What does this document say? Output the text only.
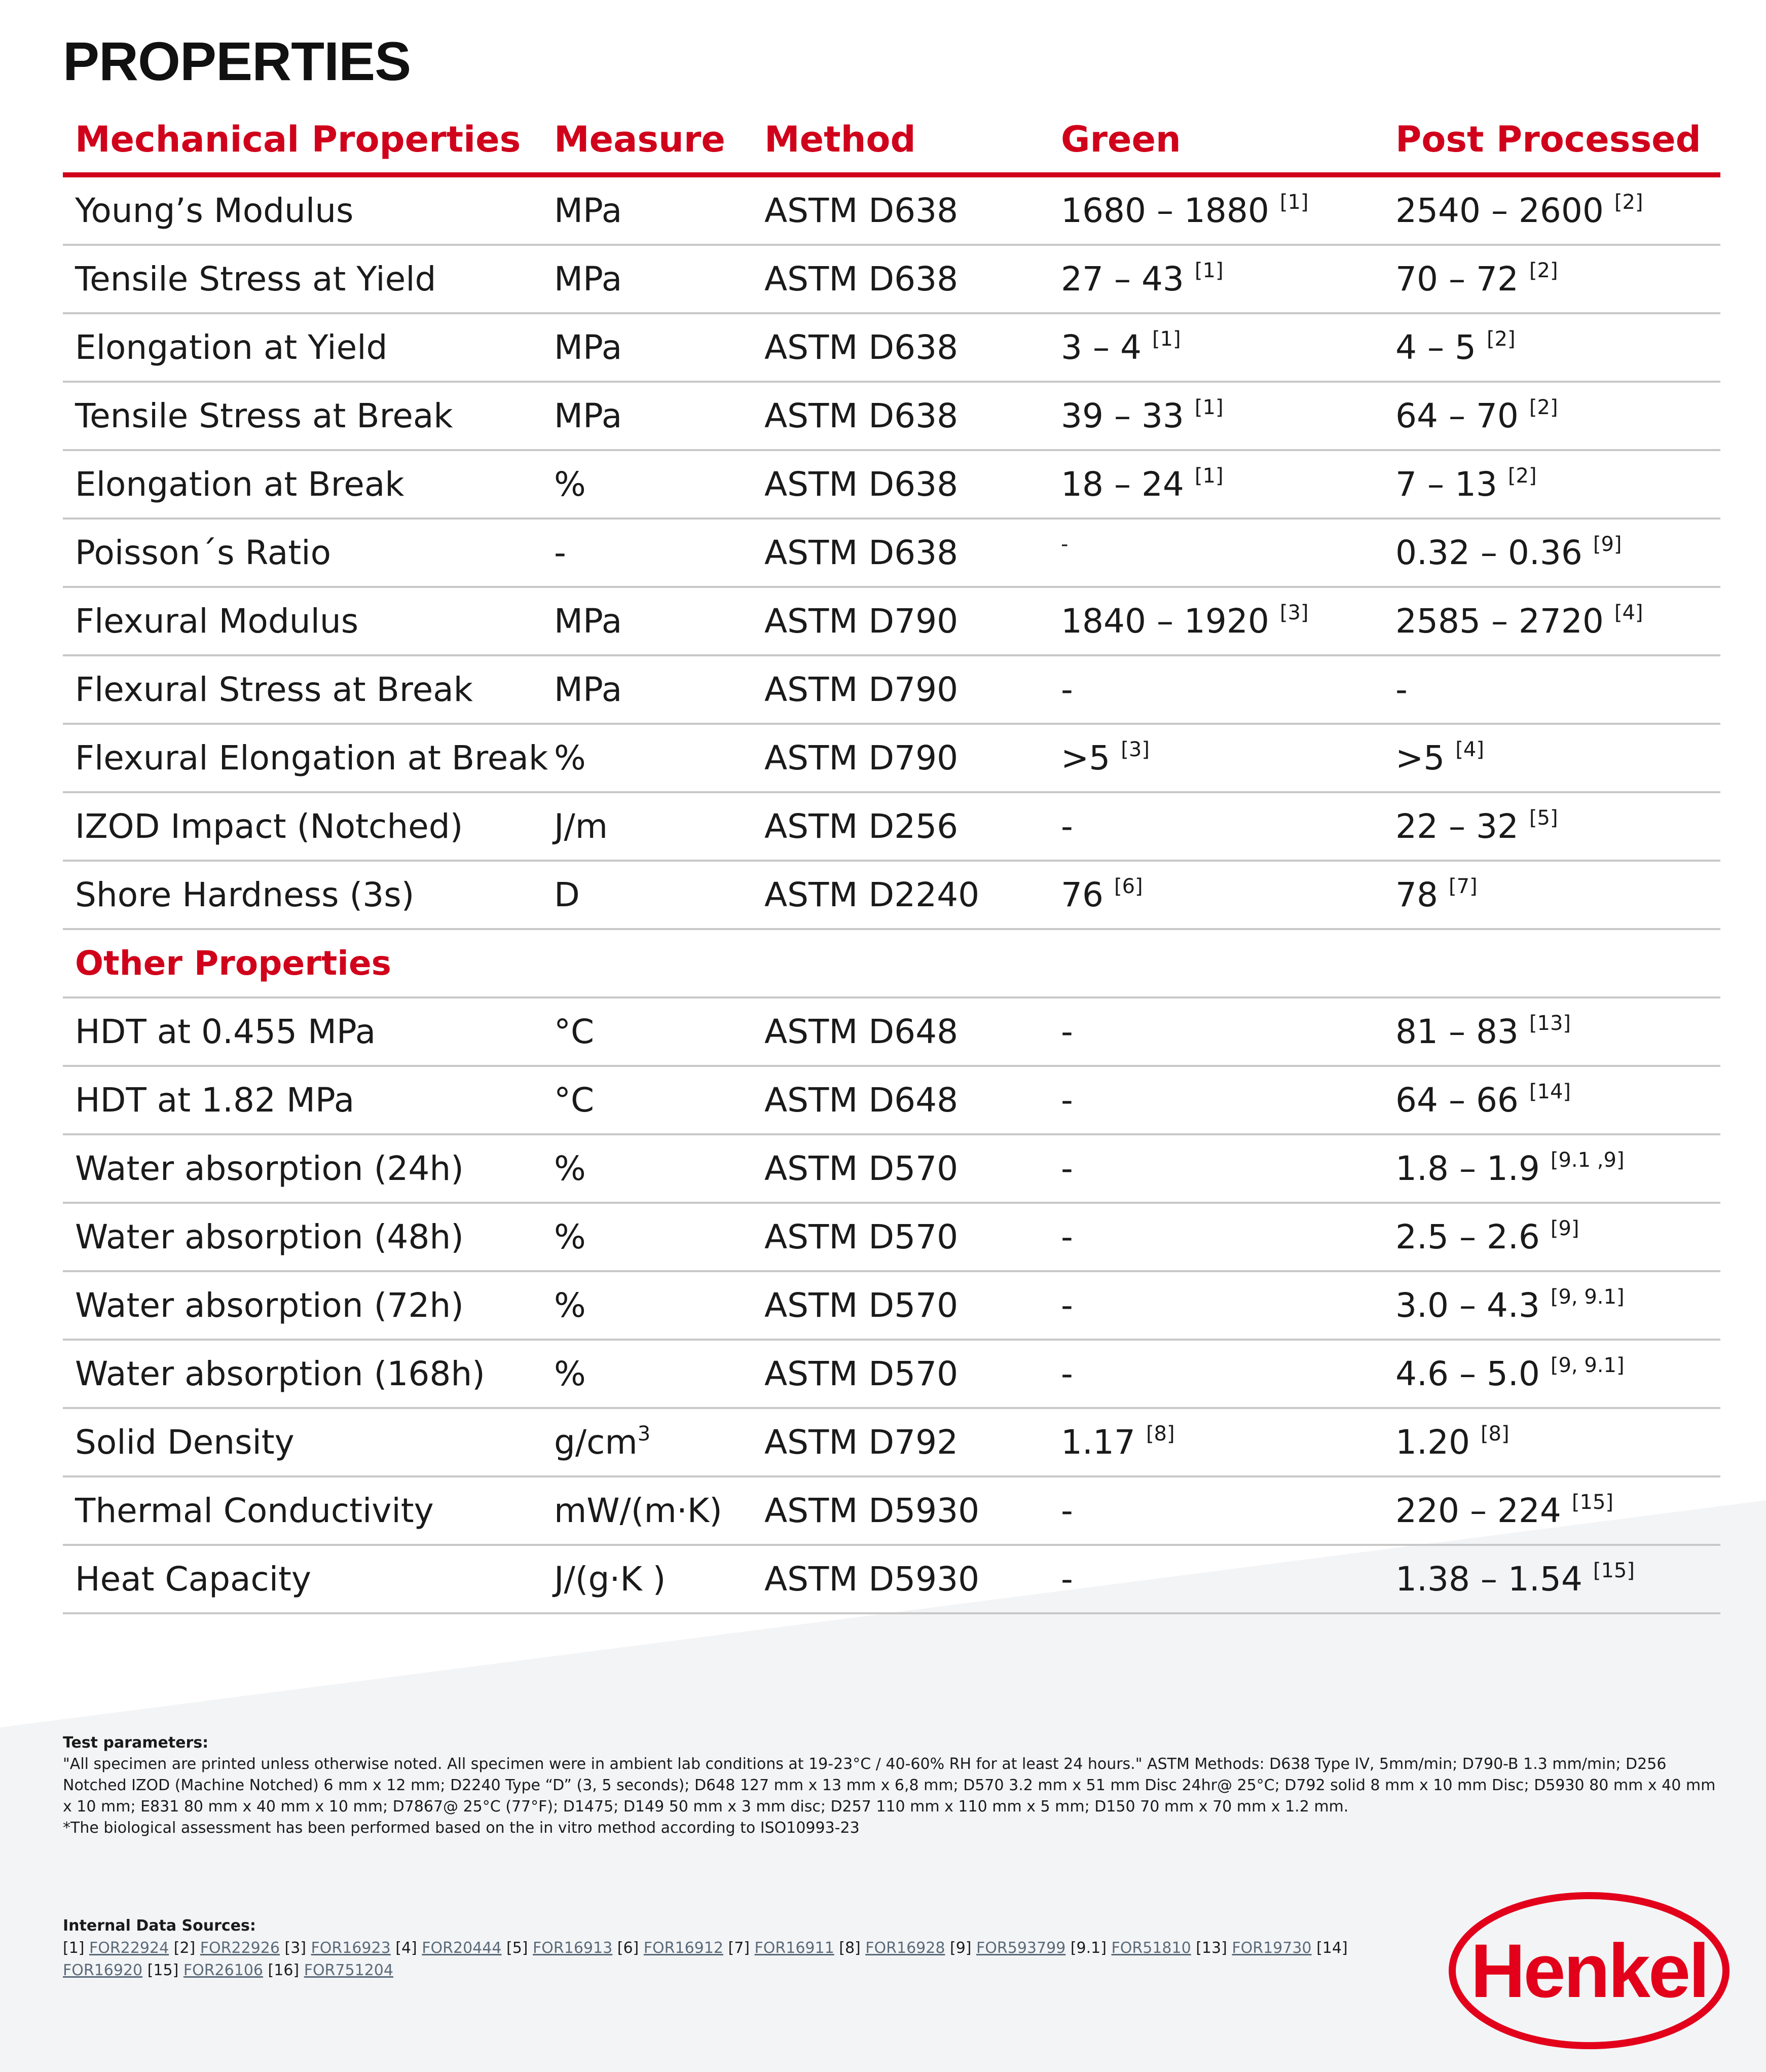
PROPERTIES
Mechanical Properties	Measure	Method	Green	Post Processed
Young’s Modulus	MPa	ASTM D638	1680 – 1880 [1]	2540 – 2600 [2]
Tensile Stress at Yield	MPa	ASTM D638	27 – 43 [1]	70 – 72 [2]
Elongation at Yield	MPa	ASTM D638	3 – 4 [1]	4 – 5 [2]
Tensile Stress at Break	MPa	ASTM D638	39 – 33 [1]	64 – 70 [2]
Elongation at Break	%	ASTM D638	18 – 24 [1]	7 – 13 [2]
Poisson´s Ratio	-	ASTM D638	-	0.32 – 0.36 [9]
Flexural Modulus	MPa	ASTM D790	1840 – 1920 [3]	2585 – 2720 [4]
Flexural Stress at Break	MPa	ASTM D790	-	-
Flexural Elongation at Break	%	ASTM D790	>5 [3]	>5 [4]
IZOD Impact (Notched)	J/m	ASTM D256	-	22 – 32 [5]
Shore Hardness (3s)	D	ASTM D2240	76 [6]	78 [7]
Other Properties				
HDT at 0.455 MPa	°C	ASTM D648	-	81 – 83 [13]
HDT at 1.82 MPa	°C	ASTM D648	-	64 – 66 [14]
Water absorption (24h)	%	ASTM D570	-	1.8 – 1.9 [9.1 ,9]
Water absorption (48h)	%	ASTM D570	-	2.5 – 2.6 [9]
Water absorption (72h)	%	ASTM D570	-	3.0 – 4.3 [9, 9.1]
Water absorption (168h)	%	ASTM D570	-	4.6 – 5.0 [9, 9.1]
Solid Density	$g/cm^3$	ASTM D792	1.17 [8]	1.20 [8]
Thermal Conductivity	mW/(m·K)	ASTM D5930	-	220 – 224 [15]
Heat Capacity	J/(g·K )	ASTM D5930	-	1.38 – 1.54 [15]
Test parameters:
"All specimen are printed unless otherwise noted. All specimen were in ambient lab conditions at 19-23°C / 40-60% RH for at least 24 hours." ASTM Methods: D638 Type IV, 5mm/min; D790-B 1.3 mm/min; D256 Notched IZOD (Machine Notched) 6 mm x 12 mm; D2240 Type “D” (3, 5 seconds); D648 127 mm x 13 mm x 6,8 mm; D570 3.2 mm x 51 mm Disc 24hr@ 25°C; D792 solid 8 mm x 10 mm Disc; D5930 80 mm x 40 mm x 10 mm; E831 80 mm x 40 mm x 10 mm; D7867@ 25°C (77°F); D1475; D149 50 mm x 3 mm disc; D257 110 mm x 110 mm x 5 mm; D150 70 mm x 70 mm x 1.2 mm.
*The biological assessment has been performed based on the in vitro method according to ISO10993-23
Internal Data Sources:
[1] FOR22924 [2] FOR22926 [3] FOR16923 [4] FOR20444 [5] FOR16913 [6] FOR16912 [7] FOR16911 [8] FOR16928 [9] FOR593799 [9.1] FOR51810 [13] FOR19730 [14] FOR16920 [15] FOR26106 [16] FOR751204	Henkel
